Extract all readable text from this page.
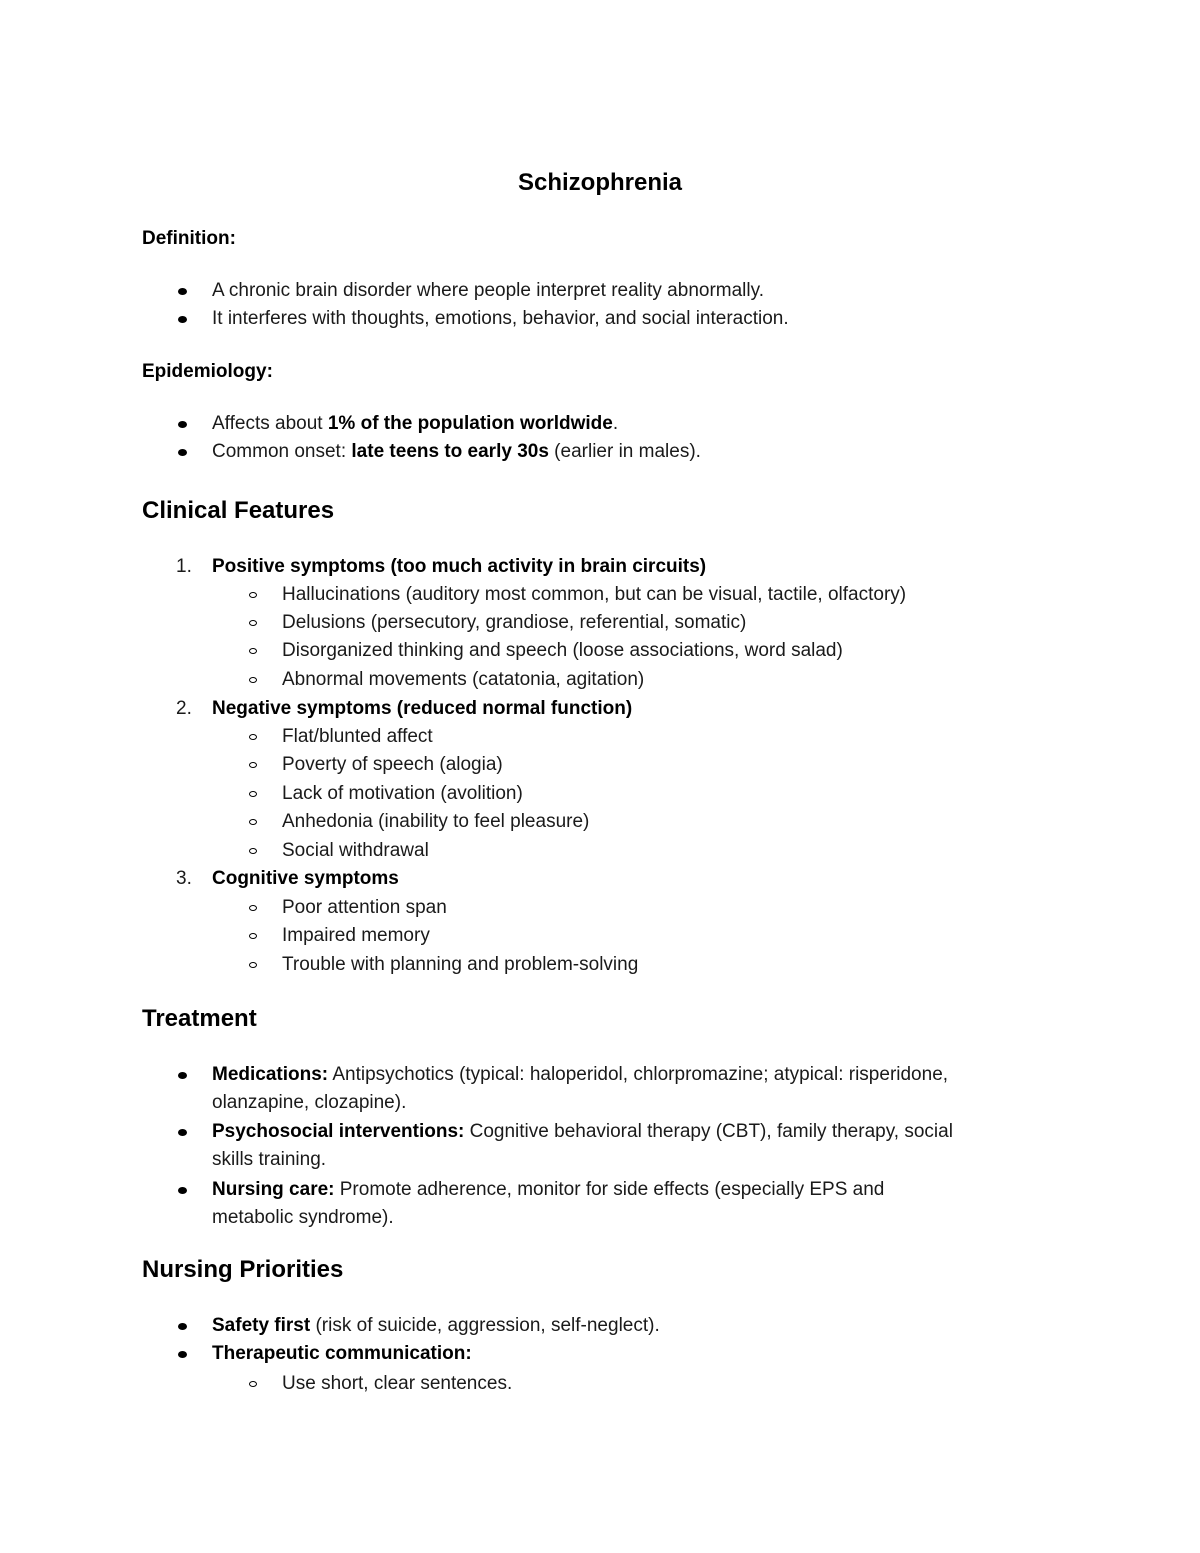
Schizophrenia
Definition:
A chronic brain disorder where people interpret reality abnormally.
It interferes with thoughts, emotions, behavior, and social interaction.
Epidemiology:
Affects about 1% of the population worldwide.
Common onset: late teens to early 30s (earlier in males).
Clinical Features
1. Positive symptoms (too much activity in brain circuits)
Hallucinations (auditory most common, but can be visual, tactile, olfactory)
Delusions (persecutory, grandiose, referential, somatic)
Disorganized thinking and speech (loose associations, word salad)
Abnormal movements (catatonia, agitation)
2. Negative symptoms (reduced normal function)
Flat/blunted affect
Poverty of speech (alogia)
Lack of motivation (avolition)
Anhedonia (inability to feel pleasure)
Social withdrawal
3. Cognitive symptoms
Poor attention span
Impaired memory
Trouble with planning and problem-solving
Treatment
Medications: Antipsychotics (typical: haloperidol, chlorpromazine; atypical: risperidone,
olanzapine, clozapine).
Psychosocial interventions: Cognitive behavioral therapy (CBT), family therapy, social
skills training.
Nursing care: Promote adherence, monitor for side effects (especially EPS and
metabolic syndrome).
Nursing Priorities
Safety first (risk of suicide, aggression, self-neglect).
Therapeutic communication:
Use short, clear sentences.
